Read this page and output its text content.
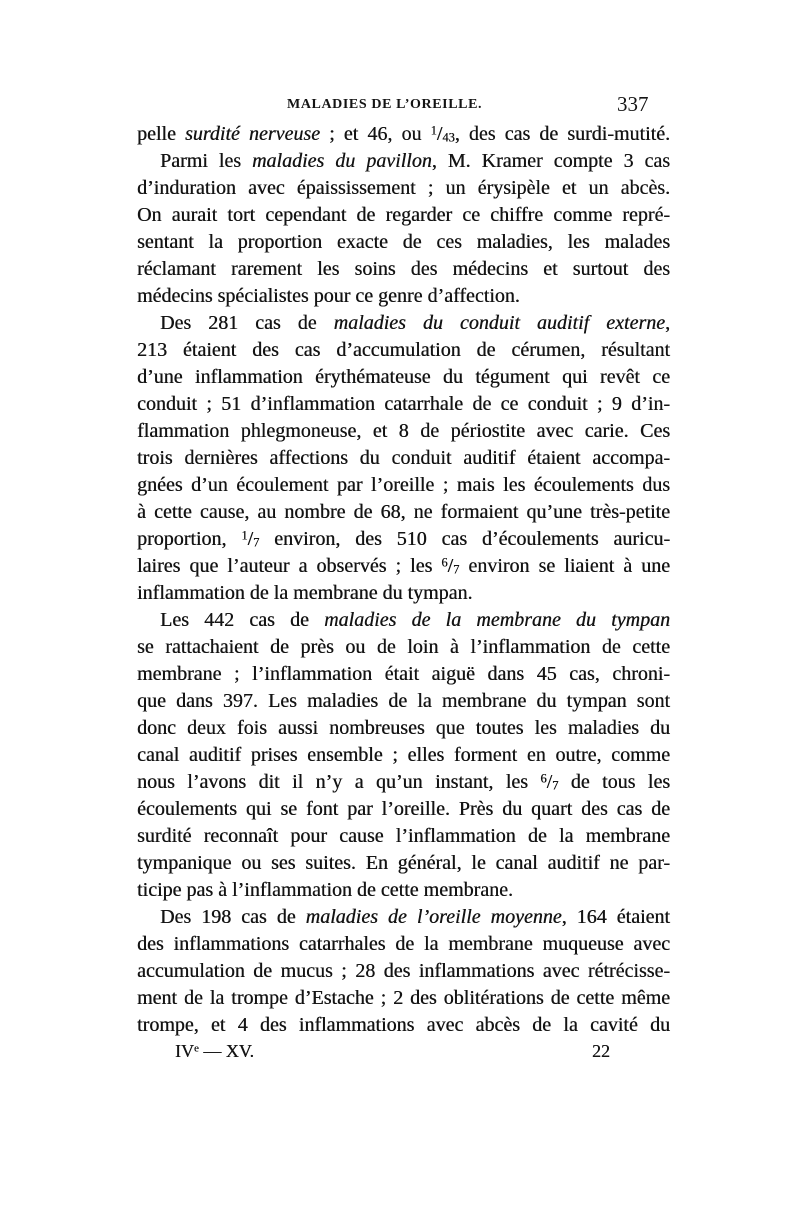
MALADIES DE L’OREILLE.	337
pelle surdité nerveuse ; et 46, ou $^1$/43, des cas de surdi-mutité.
Parmi les maladies du pavillon, M. Kramer compte 3 cas
d’induration avec épaississement ; un érysipèle et un abcès.
On aurait tort cependant de regarder ce chiffre comme repré-
sentant la proportion exacte de ces maladies, les malades
réclamant rarement les soins des médecins et surtout des
médecins spécialistes pour ce genre d’affection.
Des 281 cas de maladies du conduit auditif externe,
213 étaient des cas d’accumulation de cérumen, résultant
d’une inflammation érythémateuse du tégument qui revêt ce
conduit ; 51 d’inflammation catarrhale de ce conduit ; 9 d’in-
flammation phlegmoneuse, et 8 de périostite avec carie. Ces
trois dernières affections du conduit auditif étaient accompa-
gnées d’un écoulement par l’oreille ; mais les écoulements dus
à cette cause, au nombre de 68, ne formaient qu’une très-petite
proportion, $^1$/7 environ, des 510 cas d’écoulements auricu-
laires que l’auteur a observés ; les $^6$/7 environ se liaient à une
inflammation de la membrane du tympan.
Les 442 cas de maladies de la membrane du tympan
se rattachaient de près ou de loin à l’inflammation de cette
membrane ; l’inflammation était aiguë dans 45 cas, chroni-
que dans 397. Les maladies de la membrane du tympan sont
donc deux fois aussi nombreuses que toutes les maladies du
canal auditif prises ensemble ; elles forment en outre, comme
nous l’avons dit il n’y a qu’un instant, les $^6$/7 de tous les
écoulements qui se font par l’oreille. Près du quart des cas de
surdité reconnaît pour cause l’inflammation de la membrane
tympanique ou ses suites. En général, le canal auditif ne par-
ticipe pas à l’inflammation de cette membrane.
Des 198 cas de maladies de l’oreille moyenne, 164 étaient
des inflammations catarrhales de la membrane muqueuse avec
accumulation de mucus ; 28 des inflammations avec rétrécisse-
ment de la trompe d’Estache ; 2 des oblitérations de cette même
trompe, et 4 des inflammations avec abcès de la cavité du
IVe — XV.	22
